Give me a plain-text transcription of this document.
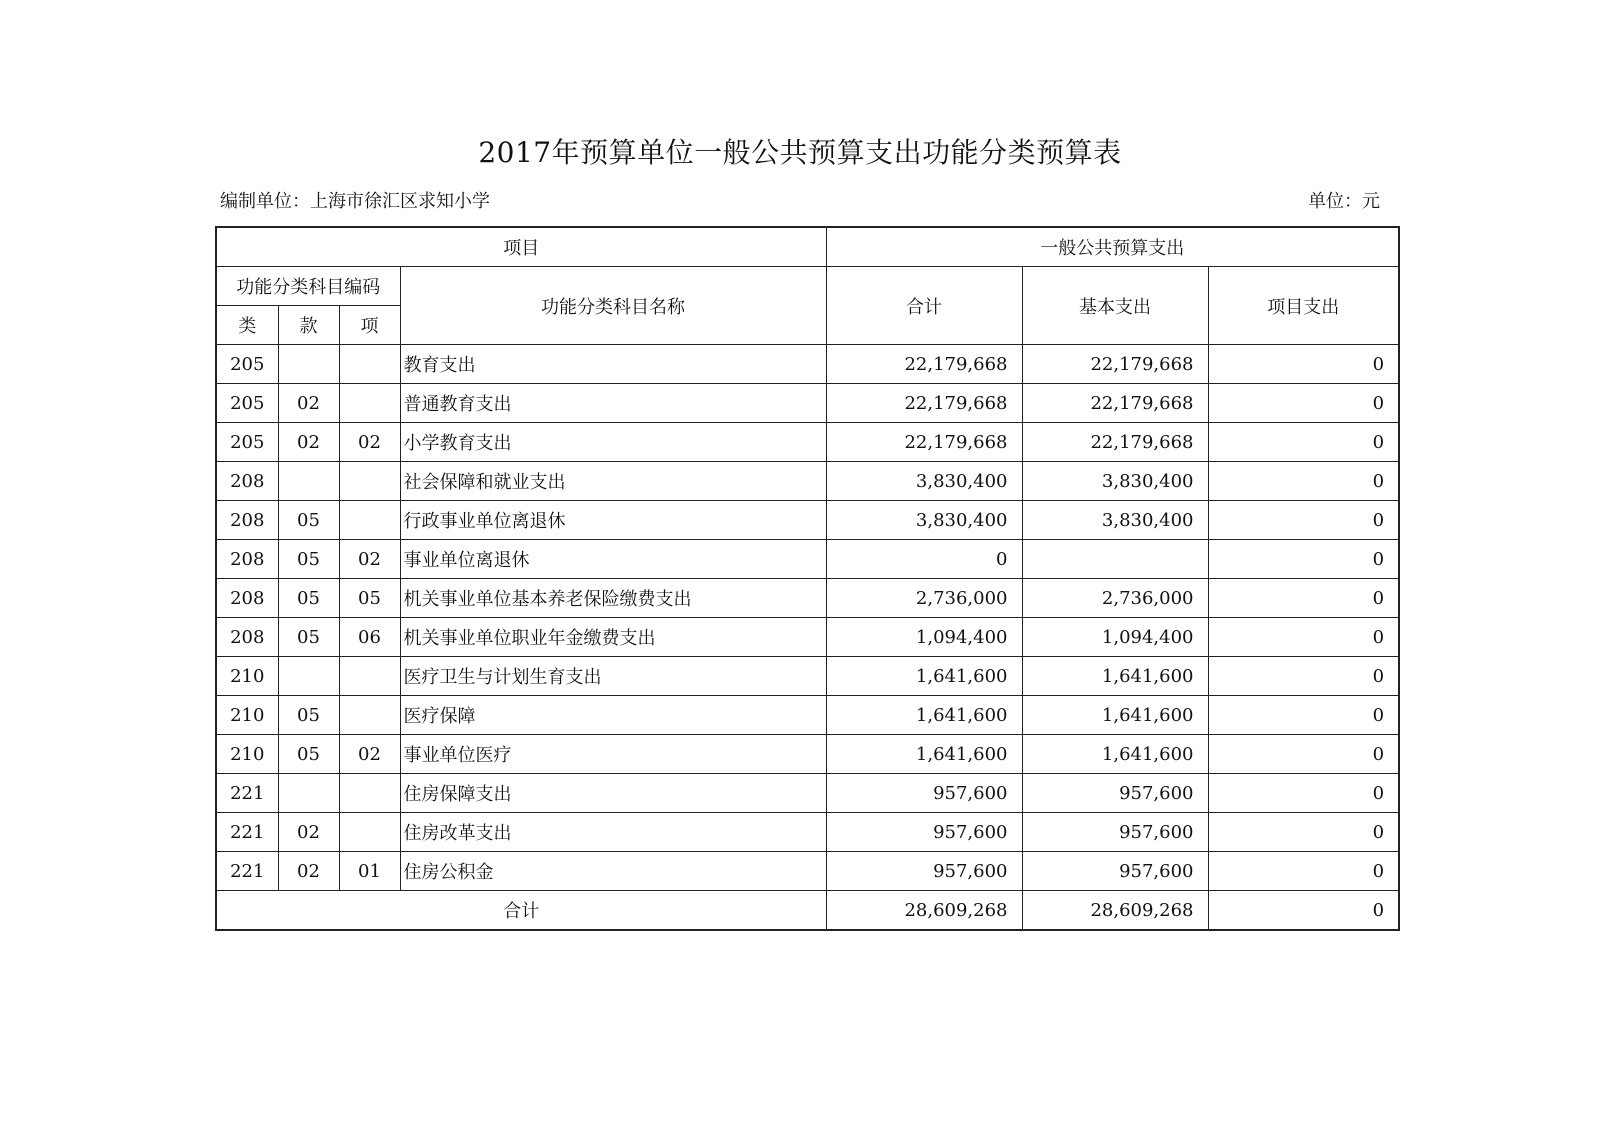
2017年预算单位一般公共预算支出功能分类预算表
编制单位：上海市徐汇区求知小学	单位：元
项目				一般公共预算支出		
功能分类科目编码			功能分类科目名称	合计	基本支出	项目支出
类	款	项				
205			教育支出	22,179,668	22,179,668	0
205	02		普通教育支出	22,179,668	22,179,668	0
205	02	02	小学教育支出	22,179,668	22,179,668	0
208			社会保障和就业支出	3,830,400	3,830,400	0
208	05		行政事业单位离退休	3,830,400	3,830,400	0
208	05	02	事业单位离退休	0		0
208	05	05	机关事业单位基本养老保险缴费支出	2,736,000	2,736,000	0
208	05	06	机关事业单位职业年金缴费支出	1,094,400	1,094,400	0
210			医疗卫生与计划生育支出	1,641,600	1,641,600	0
210	05		医疗保障	1,641,600	1,641,600	0
210	05	02	事业单位医疗	1,641,600	1,641,600	0
221			住房保障支出	957,600	957,600	0
221	02		住房改革支出	957,600	957,600	0
221	02	01	住房公积金	957,600	957,600	0
合计				28,609,268	28,609,268	0
